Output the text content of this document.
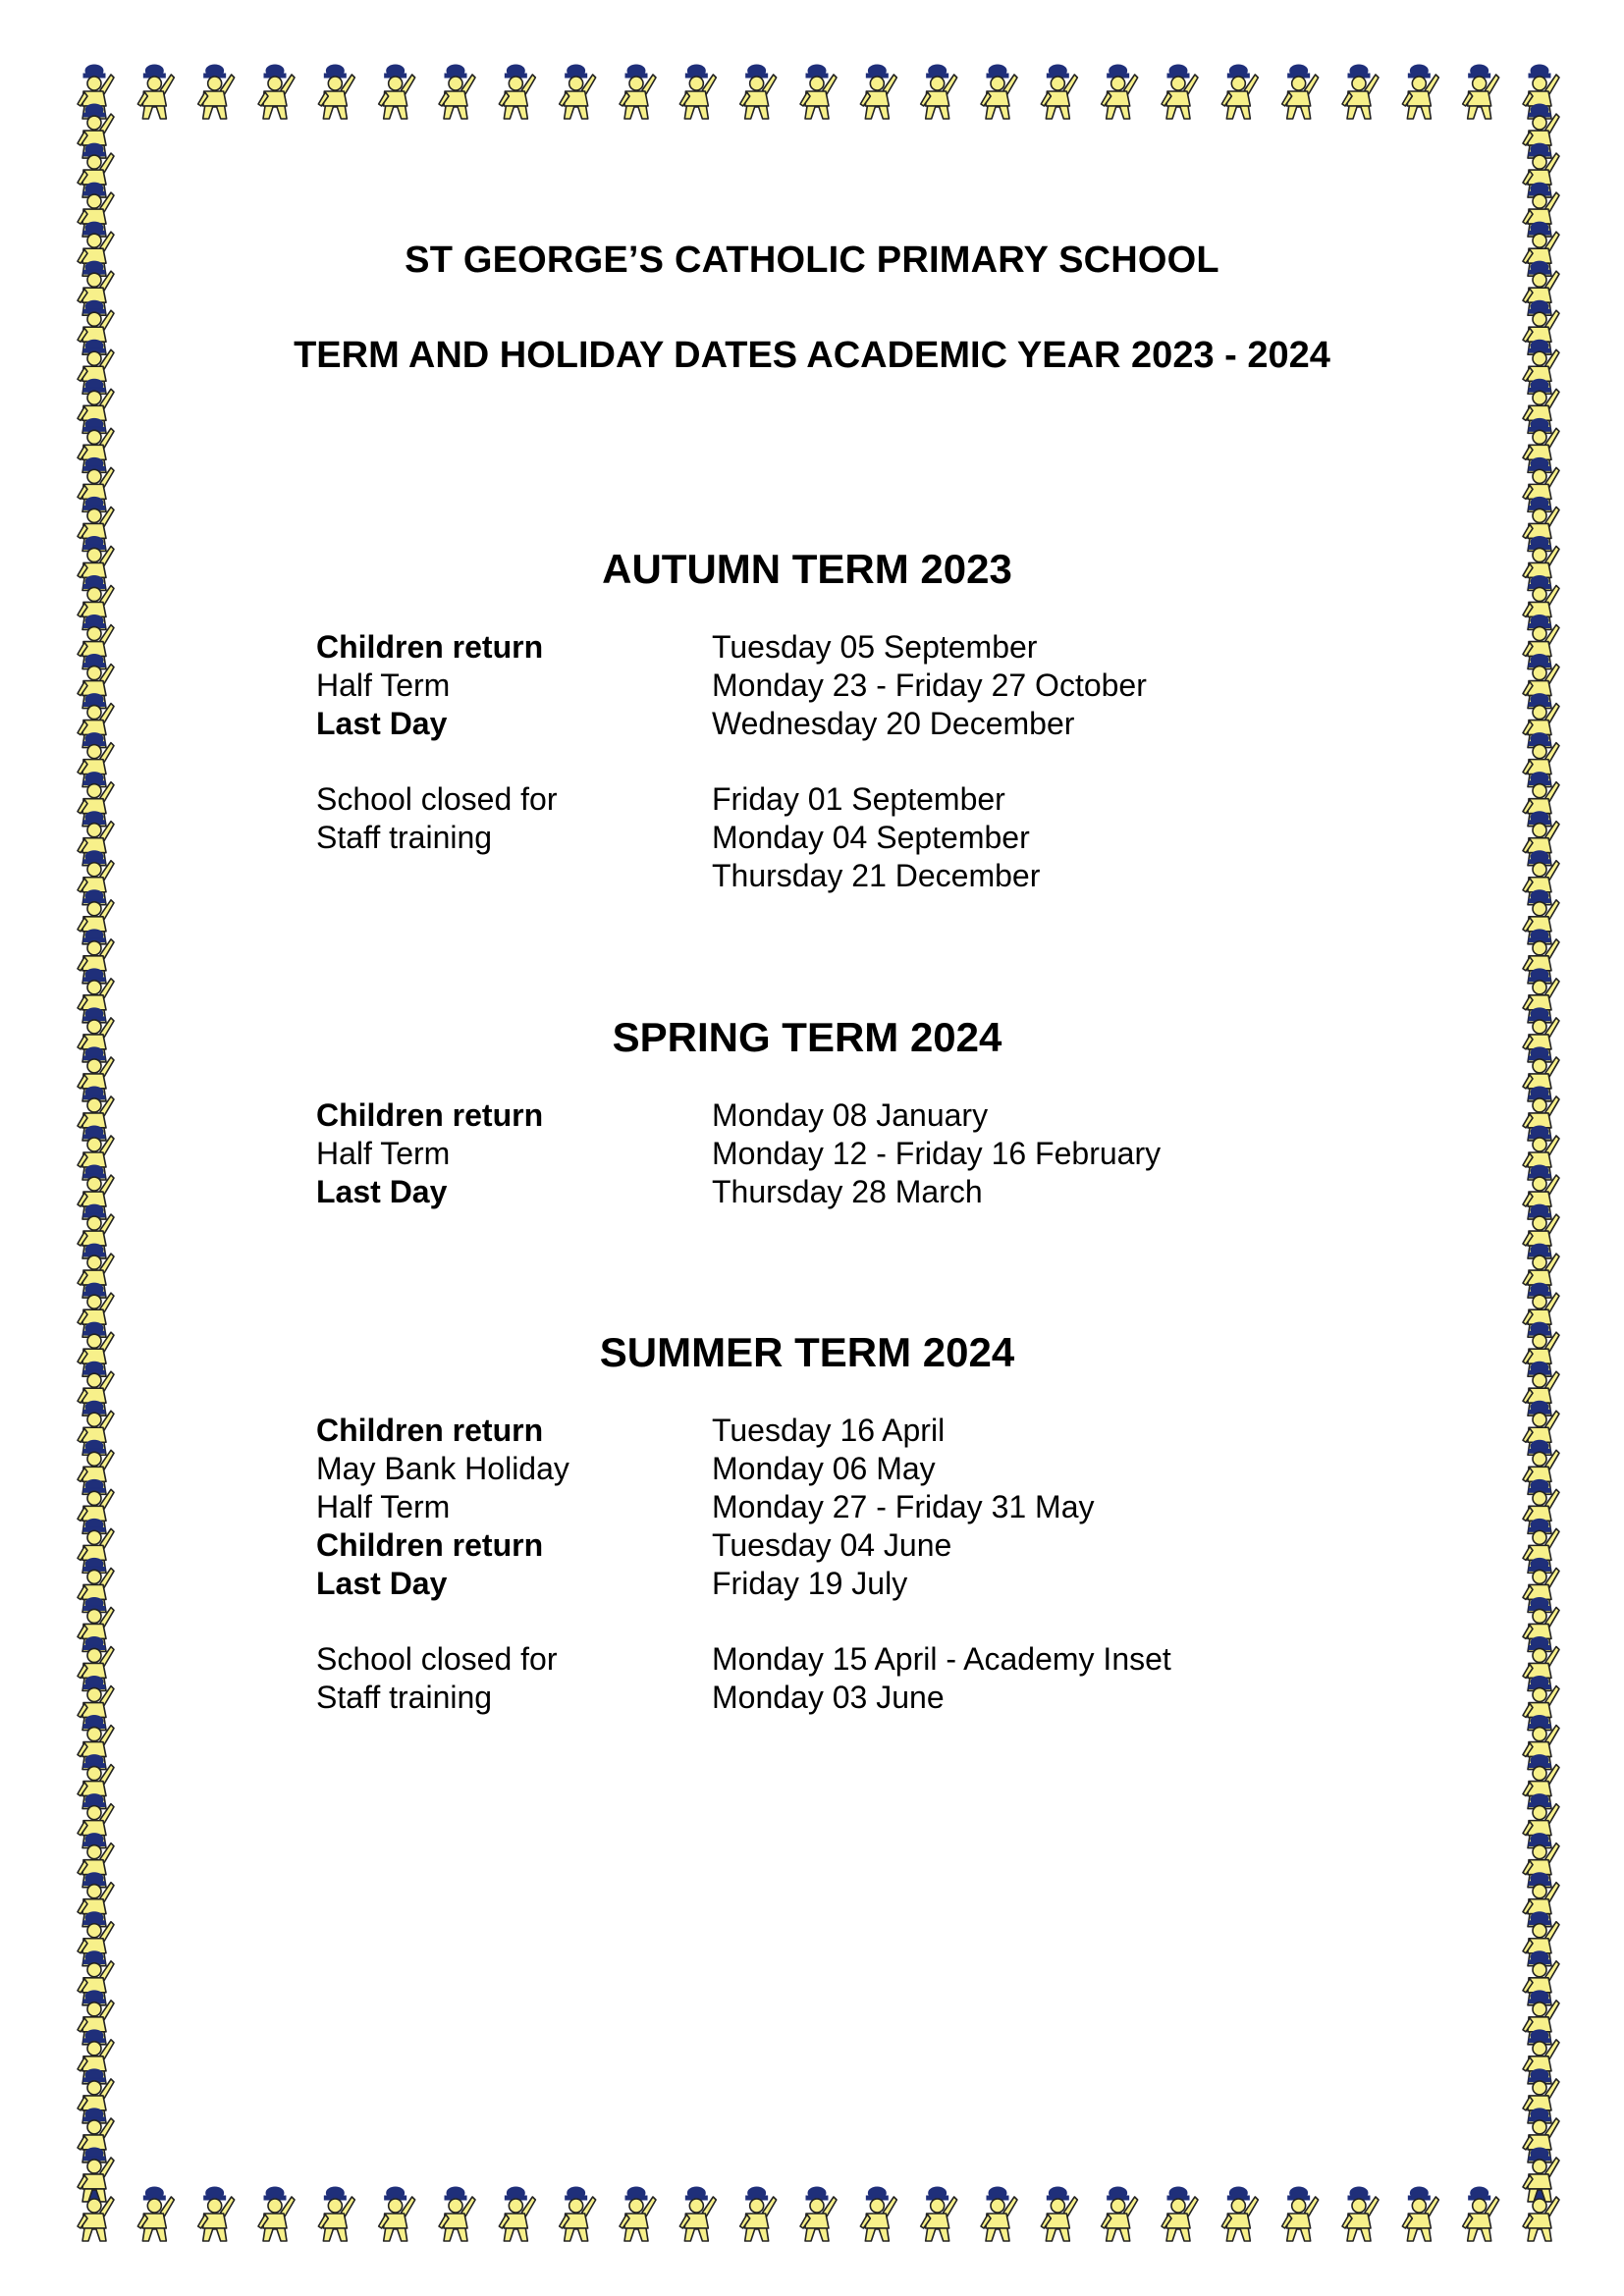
ST GEORGE’S CATHOLIC PRIMARY SCHOOL
TERM AND HOLIDAY DATES ACADEMIC YEAR 2023 - 2024
AUTUMN TERM 2023
Children return	Tuesday 05 September
Half Term	Monday 23 - Friday 27 October
Last Day	Wednesday 20 December
School closed for	Friday 01 September
Staff training	Monday 04 September
Thursday 21 December
SPRING TERM 2024
Children return	Monday 08 January
Half Term	Monday 12 - Friday 16 February
Last Day	Thursday 28 March
SUMMER TERM 2024
Children return	Tuesday 16 April
May Bank Holiday	Monday 06 May
Half Term	Monday 27 - Friday 31 May
Children return	Tuesday 04 June
Last Day	Friday 19 July
School closed for	Monday 15 April - Academy Inset
Staff training	Monday 03 June
